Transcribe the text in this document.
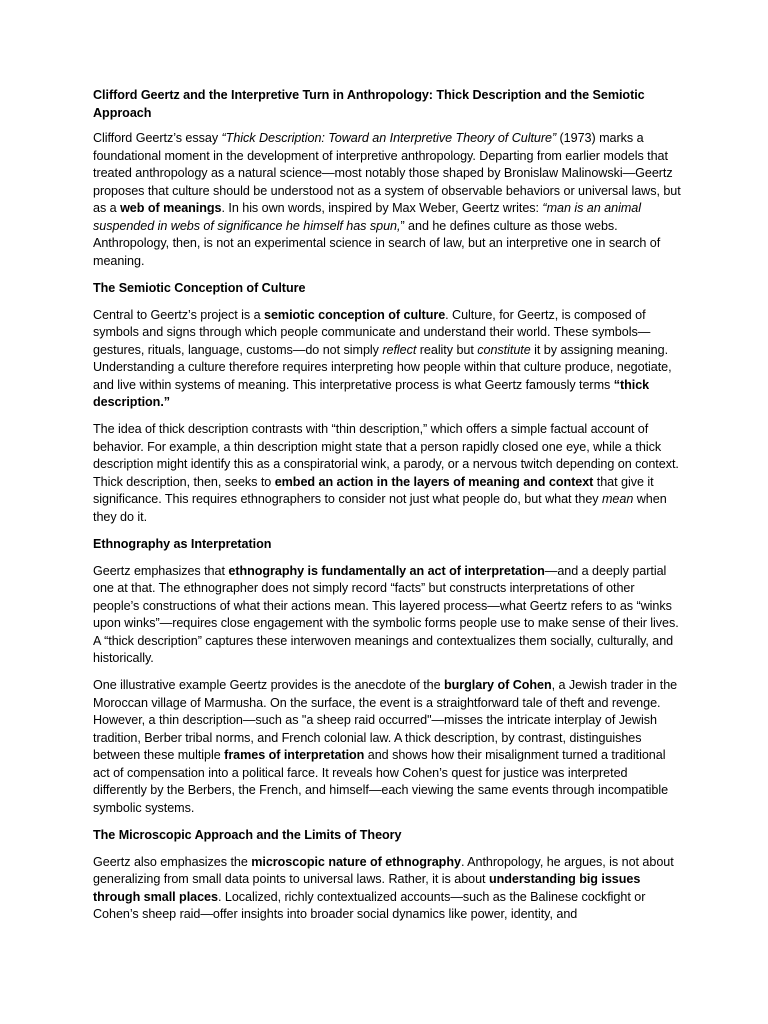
Clifford Geertz and the Interpretive Turn in Anthropology: Thick Description and the Semiotic Approach

Clifford Geertz’s essay “Thick Description: Toward an Interpretive Theory of Culture” (1973) marks a foundational moment in the development of interpretive anthropology. Departing from earlier models that treated anthropology as a natural science—most notably those shaped by Bronislaw Malinowski—Geertz proposes that culture should be understood not as a system of observable behaviors or universal laws, but as a web of meanings. In his own words, inspired by Max Weber, Geertz writes: “man is an animal suspended in webs of significance he himself has spun,” and he defines culture as those webs. Anthropology, then, is not an experimental science in search of law, but an interpretive one in search of meaning.

The Semiotic Conception of Culture

Central to Geertz’s project is a semiotic conception of culture. Culture, for Geertz, is composed of symbols and signs through which people communicate and understand their world. These symbols—gestures, rituals, language, customs—do not simply reflect reality but constitute it by assigning meaning. Understanding a culture therefore requires interpreting how people within that culture produce, negotiate, and live within systems of meaning. This interpretative process is what Geertz famously terms “thick description.”

The idea of thick description contrasts with “thin description,” which offers a simple factual account of behavior. For example, a thin description might state that a person rapidly closed one eye, while a thick description might identify this as a conspiratorial wink, a parody, or a nervous twitch depending on context. Thick description, then, seeks to embed an action in the layers of meaning and context that give it significance. This requires ethnographers to consider not just what people do, but what they mean when they do it.

Ethnography as Interpretation

Geertz emphasizes that ethnography is fundamentally an act of interpretation—and a deeply partial one at that. The ethnographer does not simply record “facts” but constructs interpretations of other people’s constructions of what their actions mean. This layered process—what Geertz refers to as “winks upon winks”—requires close engagement with the symbolic forms people use to make sense of their lives. A “thick description” captures these interwoven meanings and contextualizes them socially, culturally, and historically.

One illustrative example Geertz provides is the anecdote of the burglary of Cohen, a Jewish trader in the Moroccan village of Marmusha. On the surface, the event is a straightforward tale of theft and revenge. However, a thin description—such as "a sheep raid occurred"—misses the intricate interplay of Jewish tradition, Berber tribal norms, and French colonial law. A thick description, by contrast, distinguishes between these multiple frames of interpretation and shows how their misalignment turned a traditional act of compensation into a political farce. It reveals how Cohen’s quest for justice was interpreted differently by the Berbers, the French, and himself—each viewing the same events through incompatible symbolic systems.

The Microscopic Approach and the Limits of Theory

Geertz also emphasizes the microscopic nature of ethnography. Anthropology, he argues, is not about generalizing from small data points to universal laws. Rather, it is about understanding big issues through small places. Localized, richly contextualized accounts—such as the Balinese cockfight or Cohen’s sheep raid—offer insights into broader social dynamics like power, identity, and
